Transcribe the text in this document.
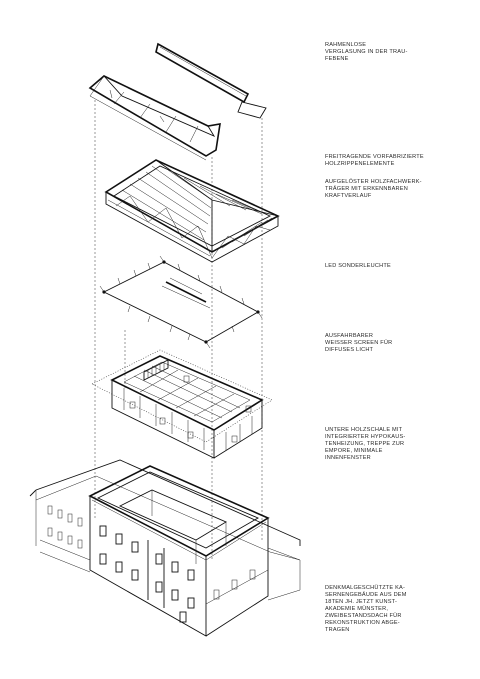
RAHMENLOSE
VERGLASUNG IN DER TRAU-
FEBENE

FREITRAGENDE VORFABRIZIERTE
HOLZRIPPENELEMENTE

AUFGELÖSTER HOLZFACHWERK-
TRÄGER MIT ERKENNBAREN
KRAFTVERLAUF

LED SONDERLEUCHTE

AUSFAHRBARER
WEISSER SCREEN FÜR
DIFFUSES LICHT

UNTERE HOLZSCHALE MIT
INTEGRIERTER HYPOKAUS-
TENHEIZUNG, TREPPE ZUR
EMPORE, MINIMALE
INNENFENSTER

DENKMALGESCHÜTZTE KA-
SERNENGEBÄUDE AUS DEM
18TEN JH. JETZT KUNST-
AKADEMIE MÜNSTER,
ZWEIBESTANDSDACH FÜR
REKONSTRUKTION ABGE-
TRAGEN
